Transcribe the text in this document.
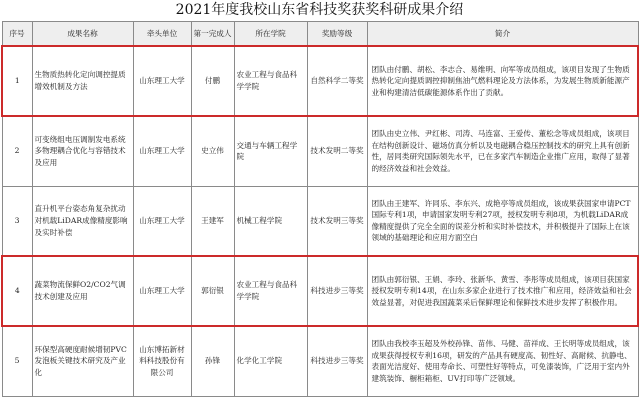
2021年度我校山东省科技奖获奖科研成果介绍
序号	成果名称	牵头单位	第一完成人	所在学院	奖励等级	简介
1	生物质热转化定向调控提质增效机制及方法	山东理工大学	付鹏	农业工程与食品科学学院	自然科学二等奖	团队由付鹏、胡松、李志合、易维明、向军等成员组成，该项目发现了生物质热转化定向提质调控抑制焦油气燃料理论及方法体系，为发展生物质新能源产业和构建清洁低碳能源体系作出了贡献。
2	可变绕组电压调制发电系统多物理耦合优化与容错技术及应用	山东理工大学	史立伟	交通与车辆工程学院	技术发明二等奖	团队由史立伟、尹红彬、司涛、马连富、王爱传、董松念等成员组成，该项目在结构创新设计、磁场仿真分析以及电磁耦合稳压控制技术的研究上具有创新性，居同类研究国际领先水平，已在多家汽车制造企业推广应用，取得了显著的经济效益和社会效益。
3	直升机平台姿态角复杂扰动对机载LiDAR成像精度影响及实时补偿	山东理工大学	王建军	机械工程学院	技术发明三等奖	团队由王建军、许同乐、李东兴、成艳亭等成员组成，该成果获国家申请PCT国际专利1项，申请国家发明专利27项，授权发明专利8项，为机载LiDAR成像精度提供了完全全面的误差分析和实时补偿技术，并积极提升了国际上在该领域的基础理论和应用方面空白
4	蔬菜物流保鲜O2/CO2气调技术创建及应用	山东理工大学	郭衍银	农业工程与食品科学学院	科技进步三等奖	团队由郭衍银、王娟、李玲、张新华、黄雪、李彤等成员组成，该项目获国家授权发明专利14项，在山东多家企业进行了技术推广和应用，经济效益和社会效益显著，对促进我国蔬菜采后保鲜理论和保鲜技术进步发挥了积极作用。
5	环保型高硬度耐候增韧PVC发泡板关键技术研究及产业化	山东博拓新材料科技股份有限公司	孙锋	化学化工学院	科技进步三等奖	团队由我校李玉超及外校孙锋、苗伟、马健、苗祥成、王长明等成员组成，该成果获得授权专利16项，研发的产品具有硬度高、韧性好、高耐候、抗静电、表面光洁度好、使用寿命长、可塑性好等特点，可免漆装饰，广泛用于室内外建筑装饰、橱柜箱柜、UV打印等广泛领域。
